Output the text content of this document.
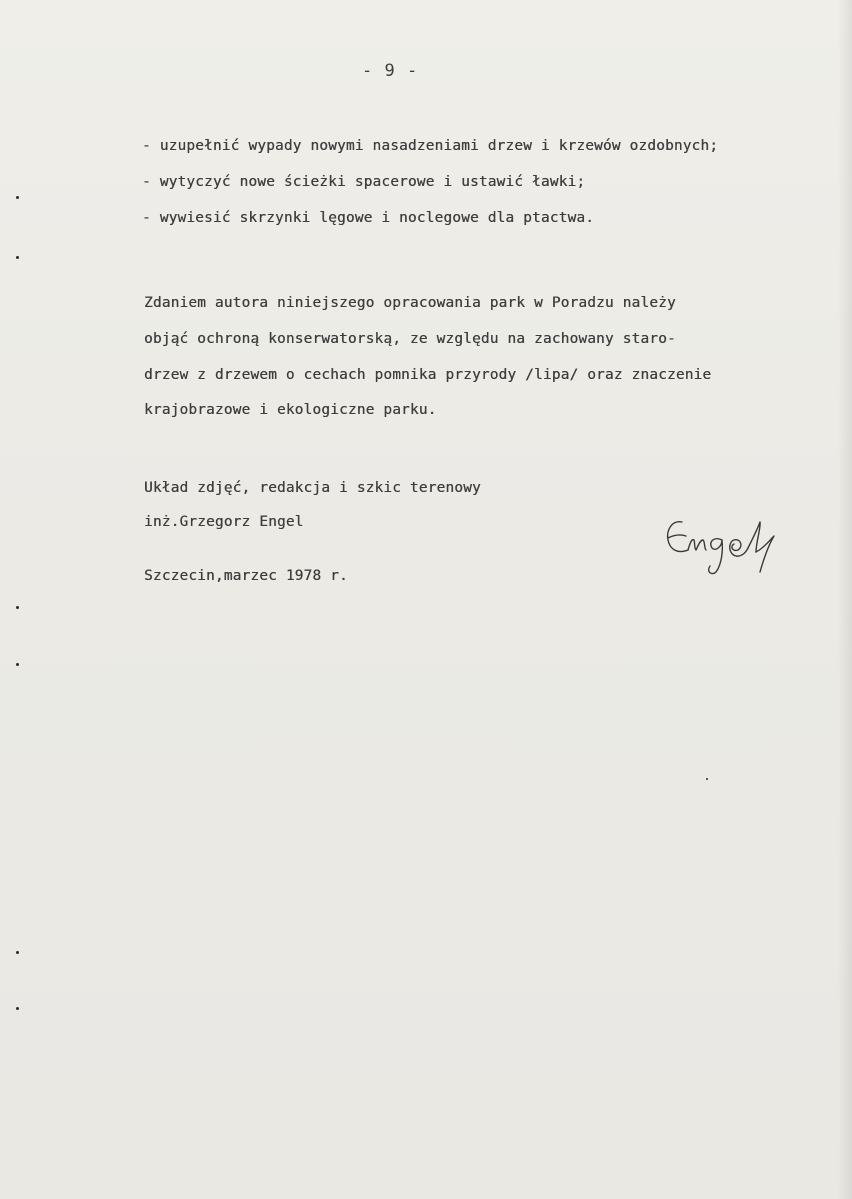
- 9 -
- uzupełnić wypady nowymi nasadzeniami drzew i krzewów ozdobnych;
- wytyczyć nowe ścieżki spacerowe i ustawić ławki;
- wywiesić skrzynki lęgowe i noclegowe dla ptactwa.
Zdaniem autora niniejszego opracowania park w Poradzu należy
objąć ochroną konserwatorską, ze względu na zachowany staro-
drzew z drzewem o cechach pomnika przyrody /lipa/ oraz znaczenie
krajobrazowe i ekologiczne parku.
Układ zdjęć, redakcja i szkic terenowy
inż.Grzegorz Engel
Szczecin,marzec 1978 r.
